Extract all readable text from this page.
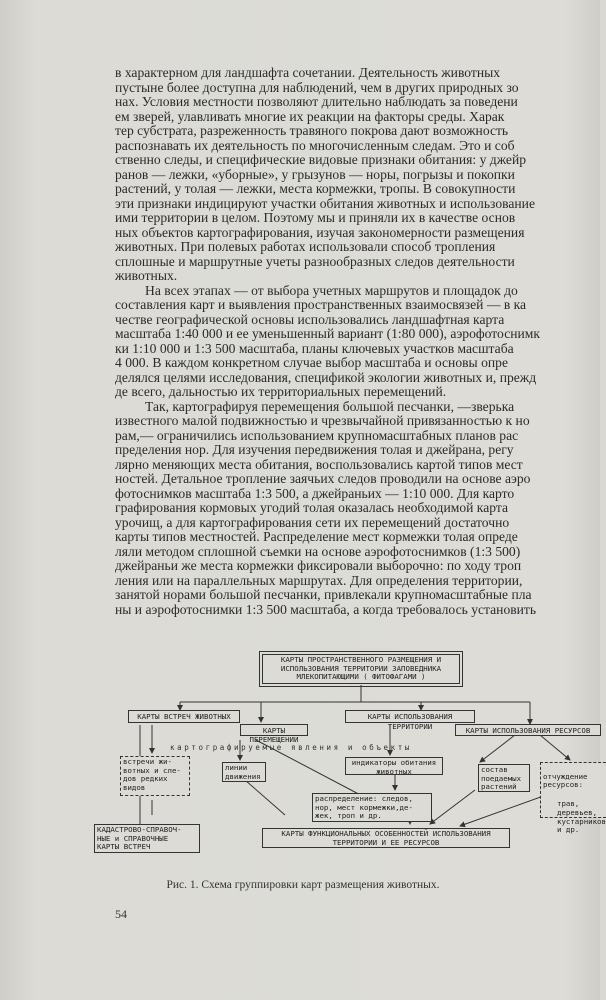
в характерном для ландшафта сочетании. Деятельность животных
пустыне более доступна для наблюдений, чем в других природных зо
нах. Условия местности позволяют длительно наблюдать за поведени
ем зверей, улавливать многие их реакции на факторы среды. Харак
тер субстрата, разреженность травяного покрова дают возможность
распознавать их деятельность по многочисленным следам. Это и соб
ственно следы, и специфические видовые признаки обитания: у джейр
ранов — лежки, «уборные», у грызунов — норы, погрызы и покопки
растений, у толая — лежки, места кормежки, тропы. В совокупности
эти признаки индицируют участки обитания животных и использование
ими территории в целом. Поэтому мы и приняли их в качестве основ
ных объектов картографирования, изучая закономерности размещения
животных. При полевых работах использовали способ тропления
сплошные и маршрутные учеты разнообразных следов деятельности
животных.
На всех этапах — от выбора учетных маршрутов и площадок до
составления карт и выявления пространственных взаимосвязей — в ка
честве географической основы использовались ландшафтная карта
масштаба 1:40 000 и ее уменьшенный вариант (1:80 000), аэрофотоснимк
ки 1:10 000 и 1:3 500 масштаба, планы ключевых участков масштаба
4 000. В каждом конкретном случае выбор масштаба и основы опре
делялся целями исследования, спецификой экологии животных и, прежд
де всего, дальностью их территориальных перемещений.
Так, картографируя перемещения большой песчанки, —зверька
известного малой подвижностью и чрезвычайной привязанностью к но
рам,— ограничились использованием крупномасштабных планов рас
пределения нор. Для изучения передвижения толая и джейрана, регу
лярно меняющих места обитания, воспользовались картой типов мест
ностей. Детальное тропление заячьих следов проводили на основе аэро
фотоснимков масштаба 1:3 500, а джейраньих — 1:10 000. Для карто
графирования кормовых угодий толая оказалась необходимой карта
урочищ, а для картографирования сети их перемещений достаточно
карты типов местностей. Распределение мест кормежки толая опреде
ляли методом сплошной съемки на основе аэрофотоснимков (1:3 500)
джейраньи же места кормежки фиксировали выборочно: по ходу троп
ления или на параллельных маршрутах. Для определения территории,
занятой норами большой песчанки, привлекали крупномасштабные пла
ны и аэрофотоснимки 1:3 500 масштаба, а когда требовалось установить
КАРТЫ ПРОСТРАНСТВЕННОГО РАЗМЕЩЕНИЯ И
ИСПОЛЬЗОВАНИЯ ТЕРРИТОРИИ ЗАПОВЕДНИКА
МЛЕКОПИТАЮЩИМИ ( ФИТОФАГАМИ )
КАРТЫ ВСТРЕЧ ЖИВОТНЫХ
КАРТЫ ПЕРЕМЕЩЕНИЙ
КАРТЫ ИСПОЛЬЗОВАНИЯ ТЕРРИТОРИИ	КАРТЫ ИСПОЛЬЗОВАНИЯ РЕСУРСОВ
картографируемые явления и объекты
встречи жи-
вотных и сле-
дов редких
видов
линии
движения
индикаторы обитания
животных	состав
поедаемых
растений

отчуждение
ресурсов:

трав,
деревьев,
кустарников
и др.

распределение: следов,
нор, мест кормежки,де-
жек, троп и др.
КАДАСТРОВО-СПРАВОЧ-
НЫЕ и СПРАВОЧНЫЕ
КАРТЫ ВСТРЕЧ
КАРТЫ ФУНКЦИОНАЛЬНЫХ ОСОБЕННОСТЕЙ ИСПОЛЬЗОВАНИЯ
ТЕРРИТОРИИ И ЕЕ РЕСУРСОВ
Рис. 1. Схема группировки карт размещения животных.
54
